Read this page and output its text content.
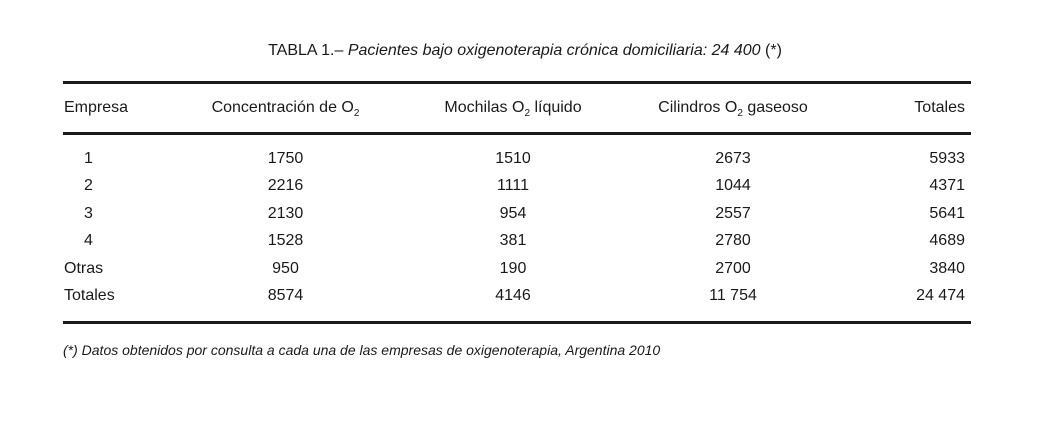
TABLA 1.– Pacientes bajo oxigenoterapia crónica domiciliaria: 24 400 (*)
Empresa	Concentración de $O_2$	Mochilas $O_2$ líquido	Cilindros $O_2$ gaseoso	Totales

1	1750	1510	2673	5933
2	2216	1111	1044	4371
3	2130	954	2557	5641
4	1528	381	2780	4689
Otras	950	190	2700	3840
Totales	8574	4146	11 754	24 474
(*) Datos obtenidos por consulta a cada una de las empresas de oxigenoterapia, Argentina 2010
